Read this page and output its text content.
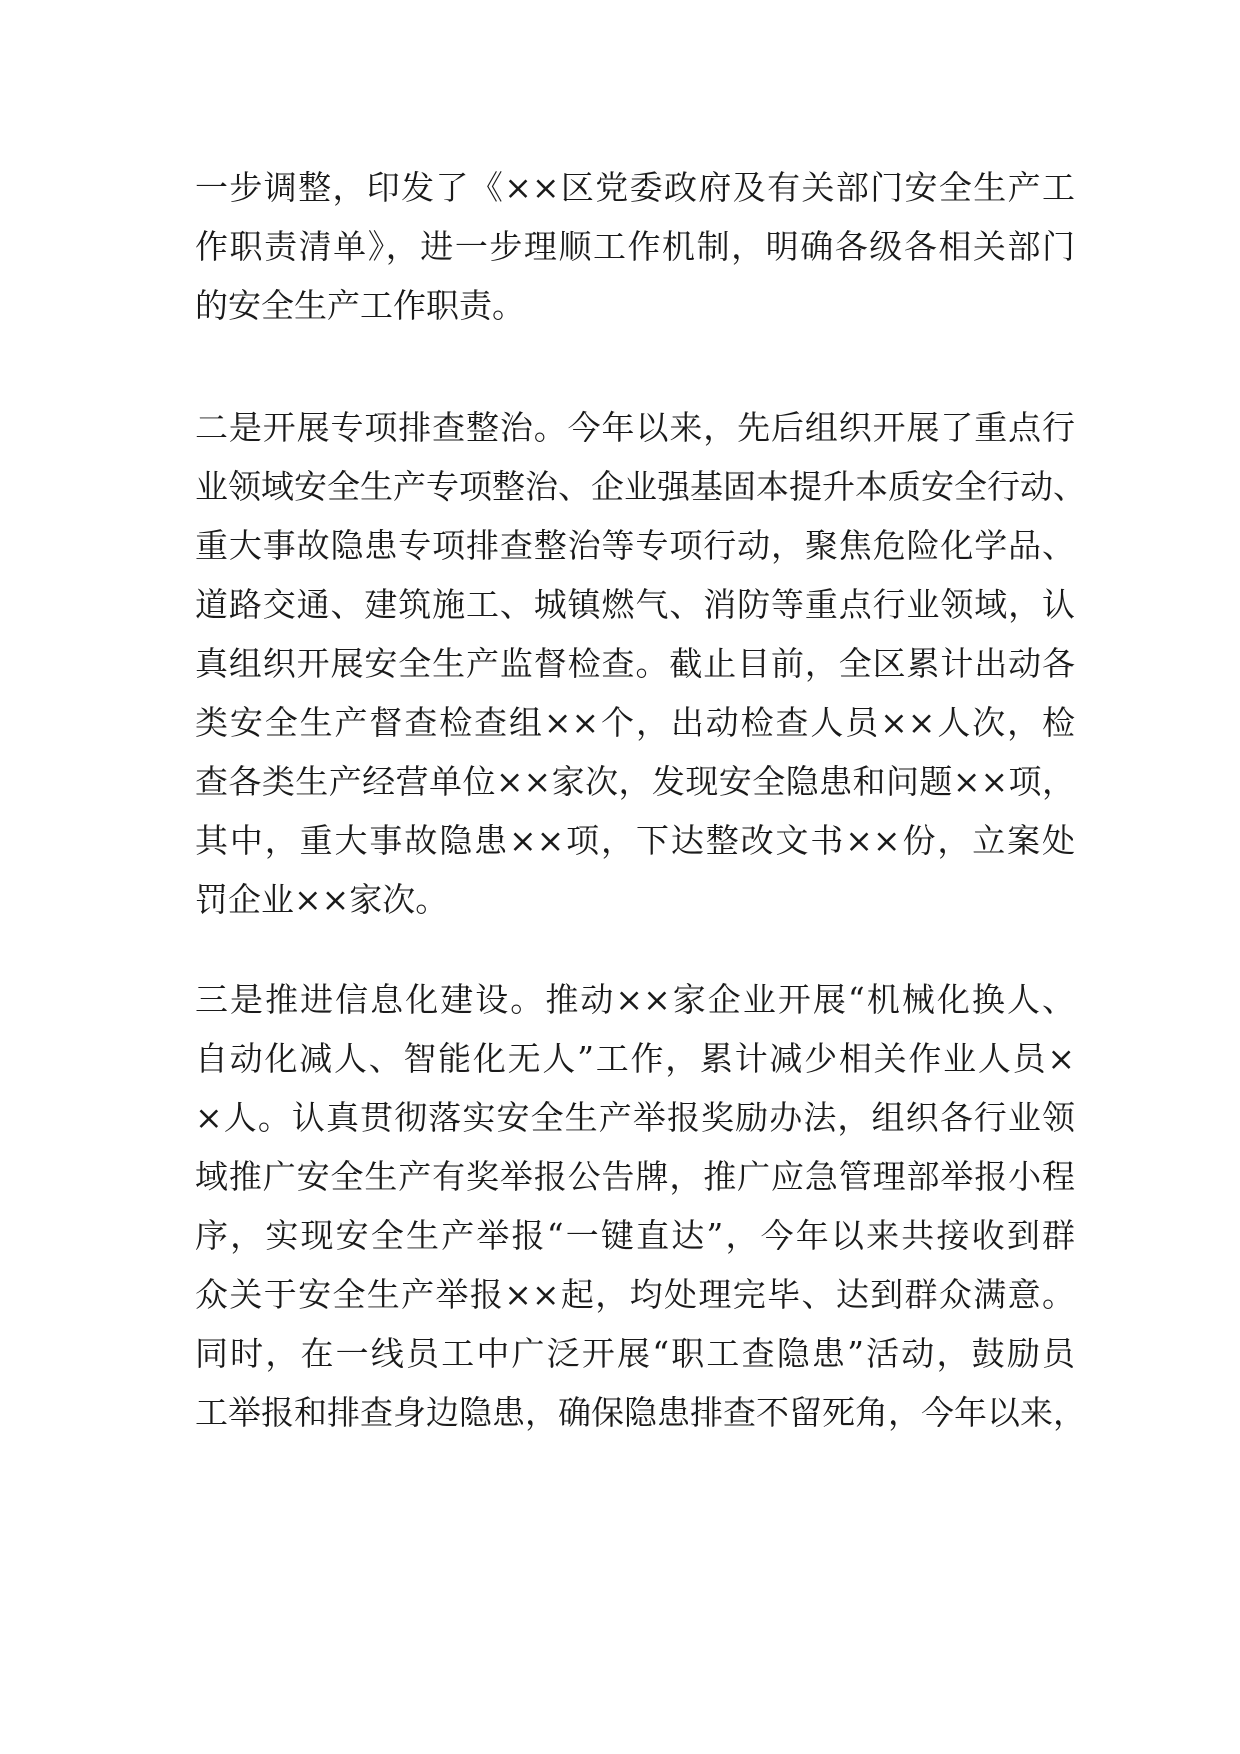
一步调整，印发了《××区党委政府及有关部门安全生产工
作职责清单》，进一步理顺工作机制，明确各级各相关部门
的安全生产工作职责。
二是开展专项排查整治。今年以来，先后组织开展了重点行
业领域安全生产专项整治、企业强基固本提升本质安全行动、
重大事故隐患专项排查整治等专项行动，聚焦危险化学品、
道路交通、建筑施工、城镇燃气、消防等重点行业领域，认
真组织开展安全生产监督检查。截止目前，全区累计出动各
类安全生产督查检查组××个，出动检查人员××人次，检
查各类生产经营单位××家次，发现安全隐患和问题××项，
其中，重大事故隐患××项，下达整改文书××份，立案处
罚企业××家次。
三是推进信息化建设。推动××家企业开展“机械化换人、
自动化减人、智能化无人”工作，累计减少相关作业人员×
×人。认真贯彻落实安全生产举报奖励办法，组织各行业领
域推广安全生产有奖举报公告牌，推广应急管理部举报小程
序，实现安全生产举报“一键直达”，今年以来共接收到群
众关于安全生产举报××起，均处理完毕、达到群众满意。
同时，在一线员工中广泛开展“职工查隐患”活动，鼓励员
工举报和排查身边隐患，确保隐患排查不留死角，今年以来，
